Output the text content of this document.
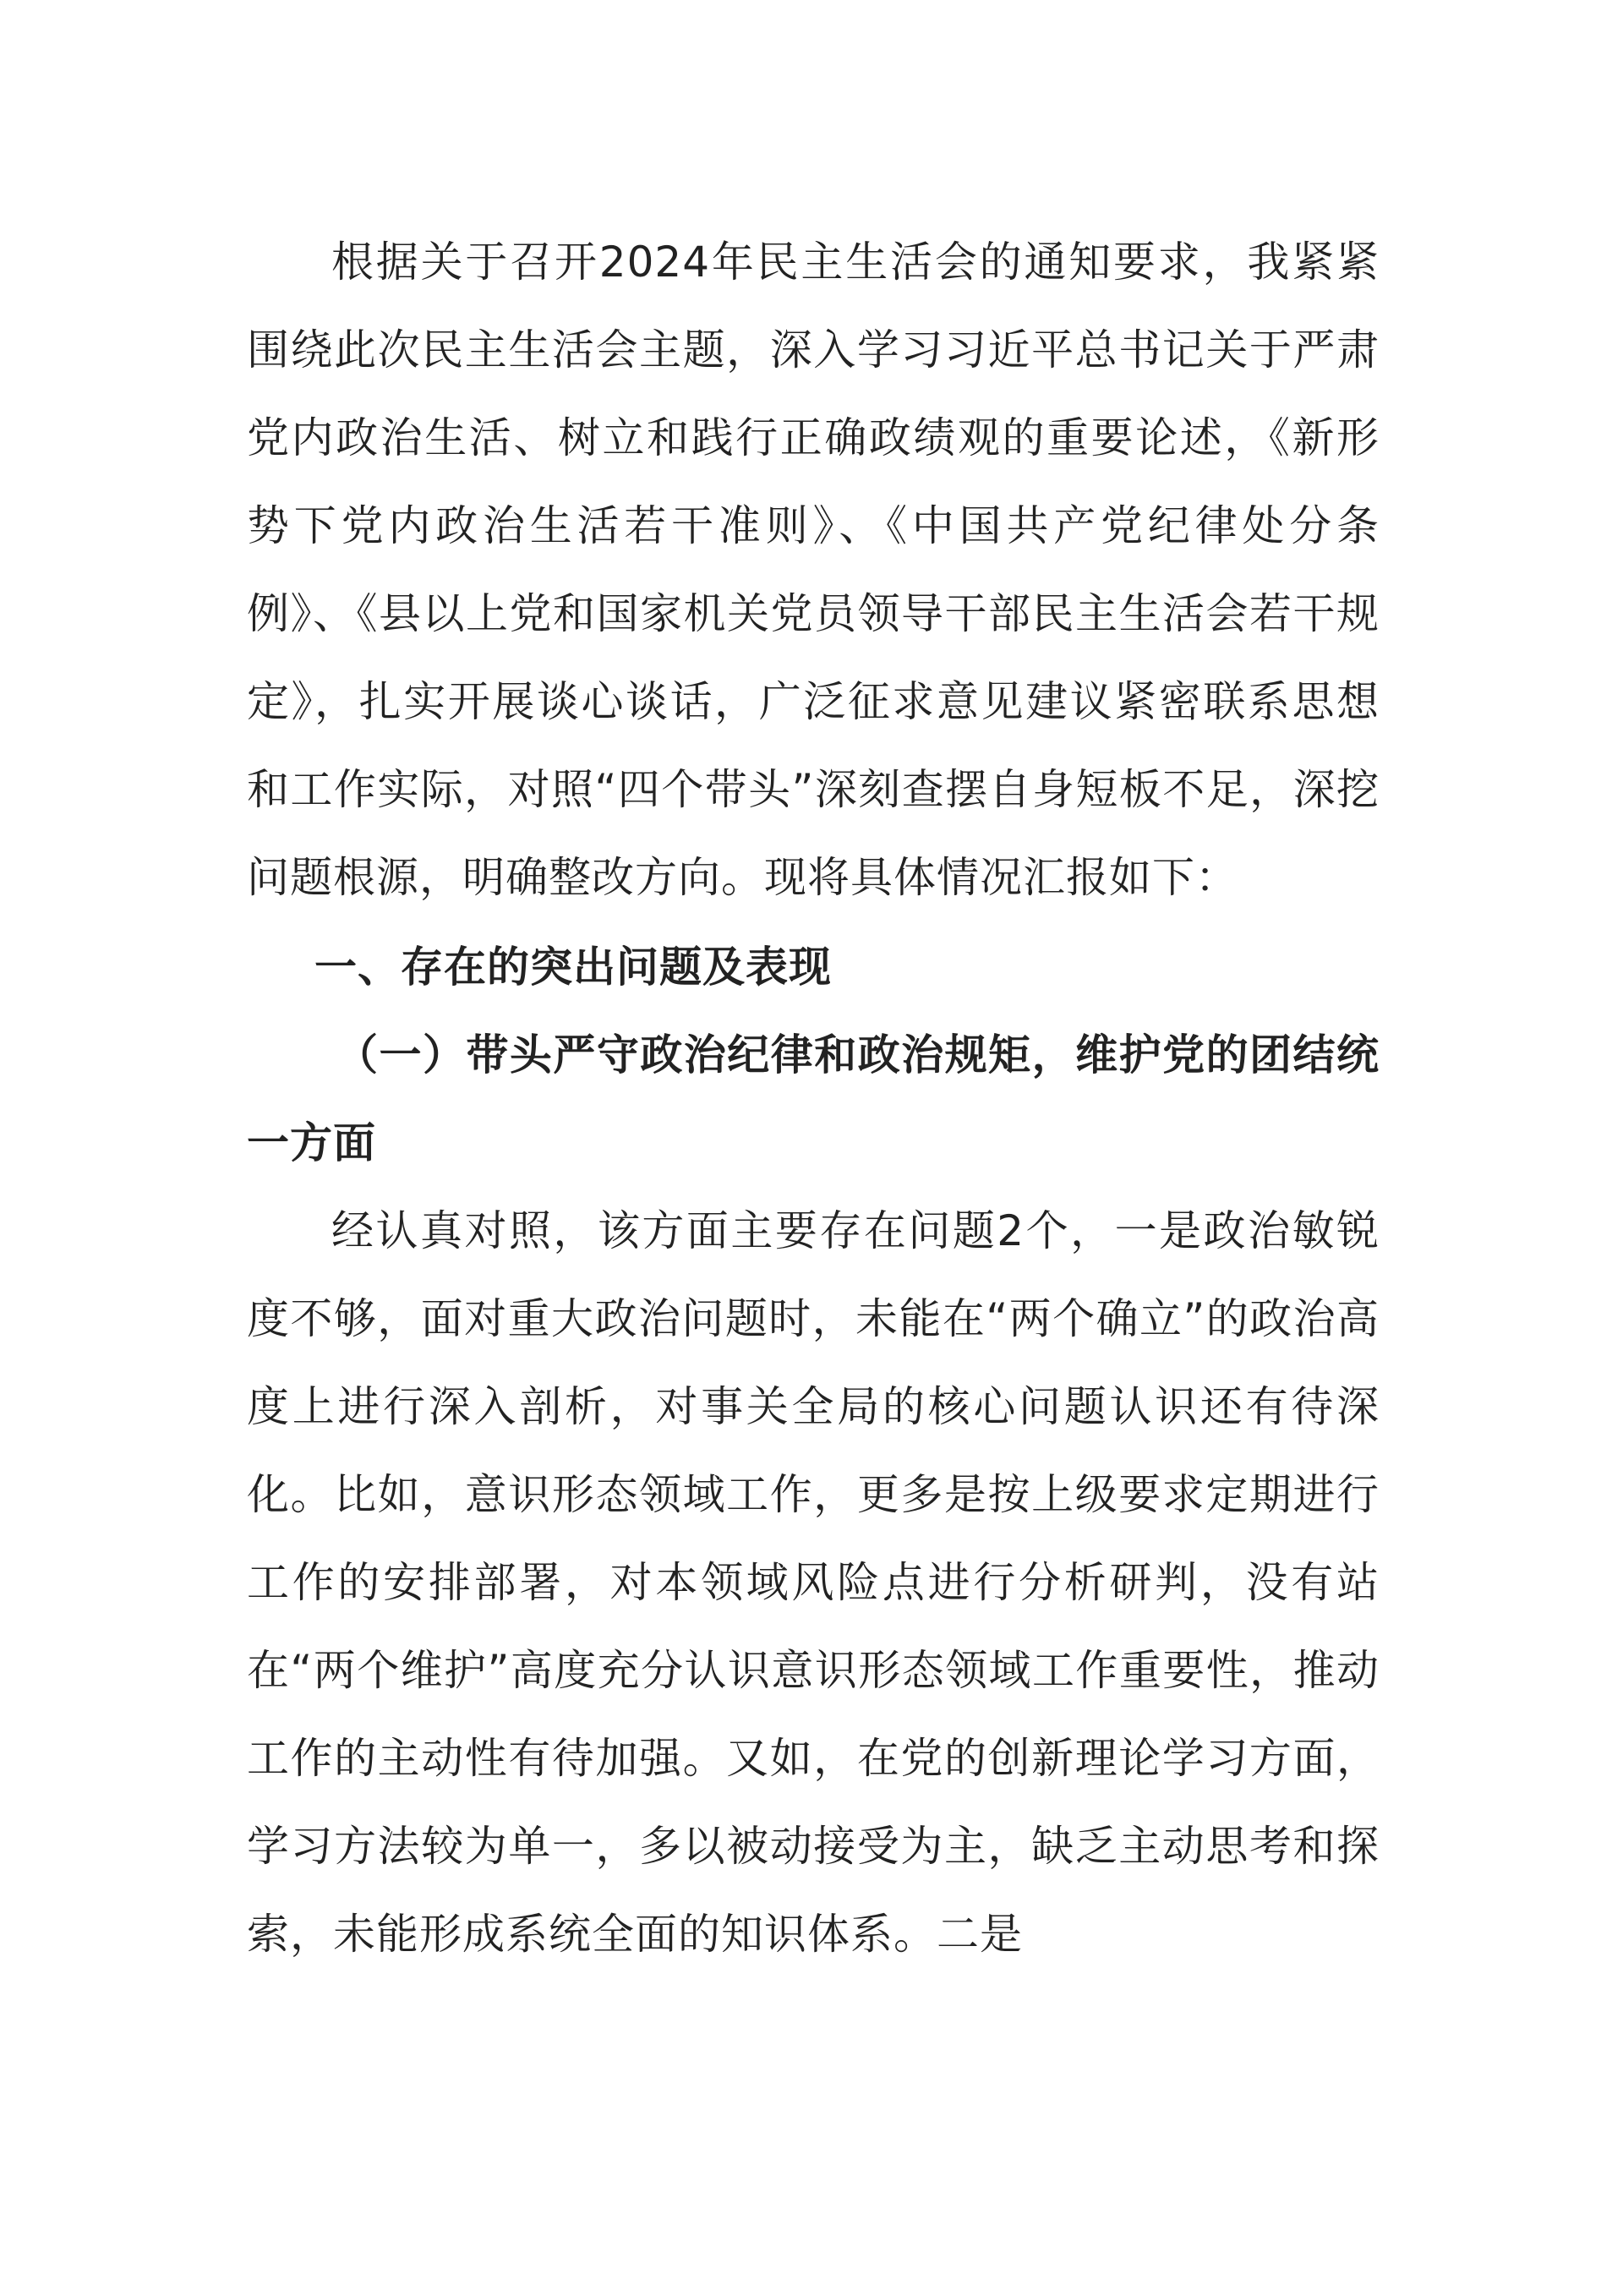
根据关于召开2024年民主生活会的通知要求，我紧紧围绕此次民主生活会主题，深入学习习近平总书记关于严肃党内政治生活、树立和践行正确政绩观的重要论述，《新形势下党内政治生活若干准则》、《中国共产党纪律处分条例》、《县以上党和国家机关党员领导干部民主生活会若干规定》，扎实开展谈心谈话，广泛征求意见建议紧密联系思想和工作实际，对照“四个带头”深刻查摆自身短板不足，深挖问题根源，明确整改方向。现将具体情况汇报如下：

一、存在的突出问题及表现

（一）带头严守政治纪律和政治规矩，维护党的团结统一方面

经认真对照，该方面主要存在问题2个，一是政治敏锐度不够，面对重大政治问题时，未能在“两个确立”的政治高度上进行深入剖析，对事关全局的核心问题认识还有待深化。比如，意识形态领域工作，更多是按上级要求定期进行工作的安排部署，对本领域风险点进行分析研判，没有站在“两个维护”高度充分认识意识形态领域工作重要性，推动工作的主动性有待加强。又如，在党的创新理论学习方面，学习方法较为单一，多以被动接受为主，缺乏主动思考和探索，未能形成系统全面的知识体系。二是
